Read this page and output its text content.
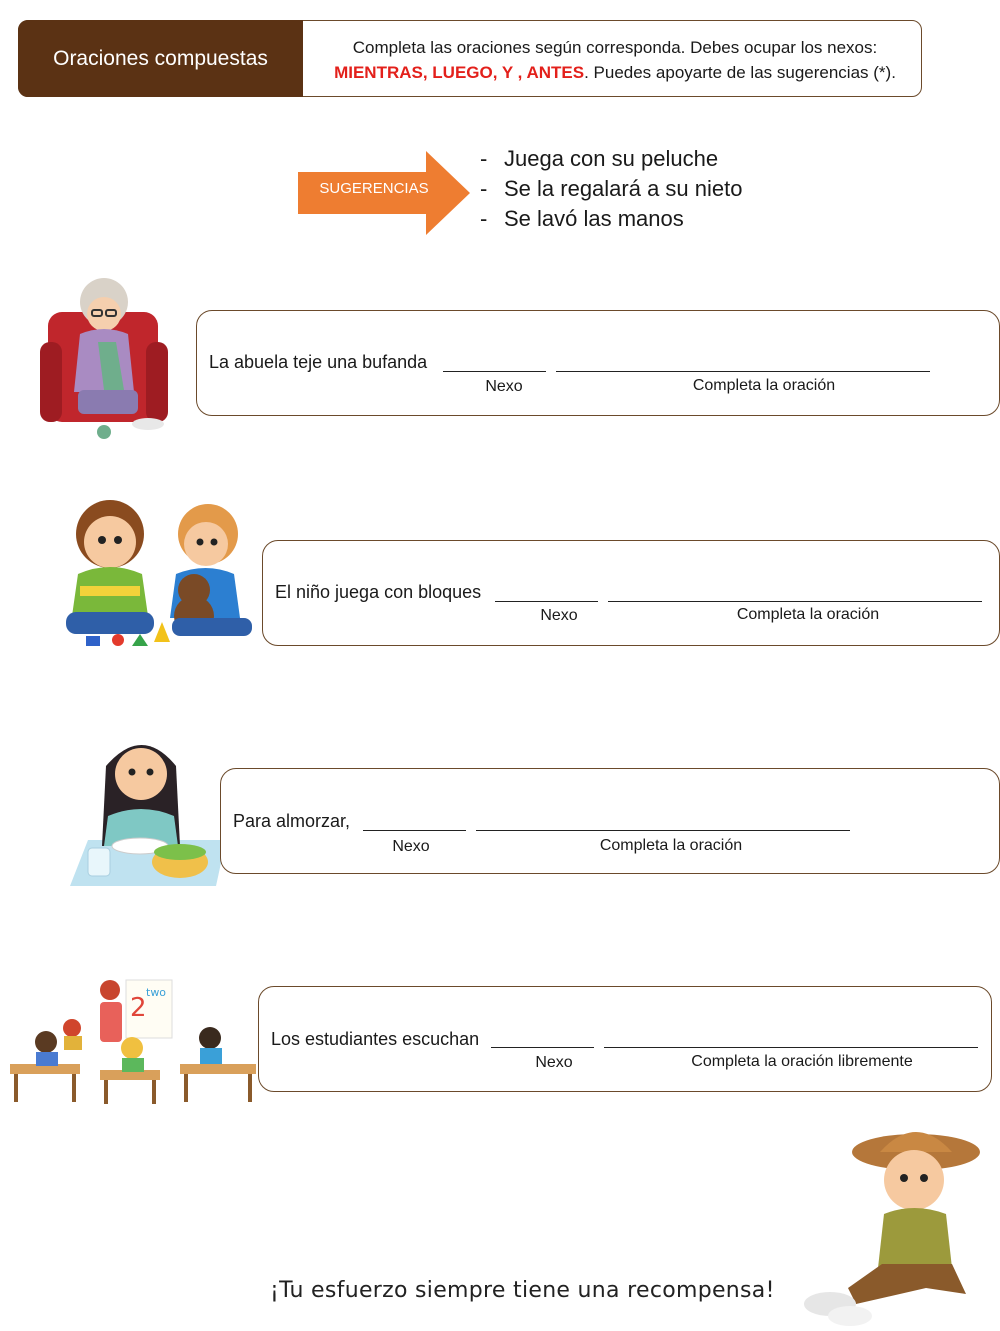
Oraciones compuestas	Completa las oraciones según corresponda. Debes ocupar los nexos:
MIENTRAS, LUEGO, Y , ANTES. Puedes apoyarte de las sugerencias (*).
SUGERENCIAS
- Juega con su peluche
- Se la regalará a su nieto
- Se lavó las manos
La abuela teje una bufanda
Nexo	Completa la oración
El niño juega con bloques
Nexo	Completa la oración
Para almorzar,
Nexo	Completa la oración
2
two
Los estudiantes escuchan
Nexo	Completa la oración libremente
¡Tu esfuerzo siempre tiene una recompensa!
